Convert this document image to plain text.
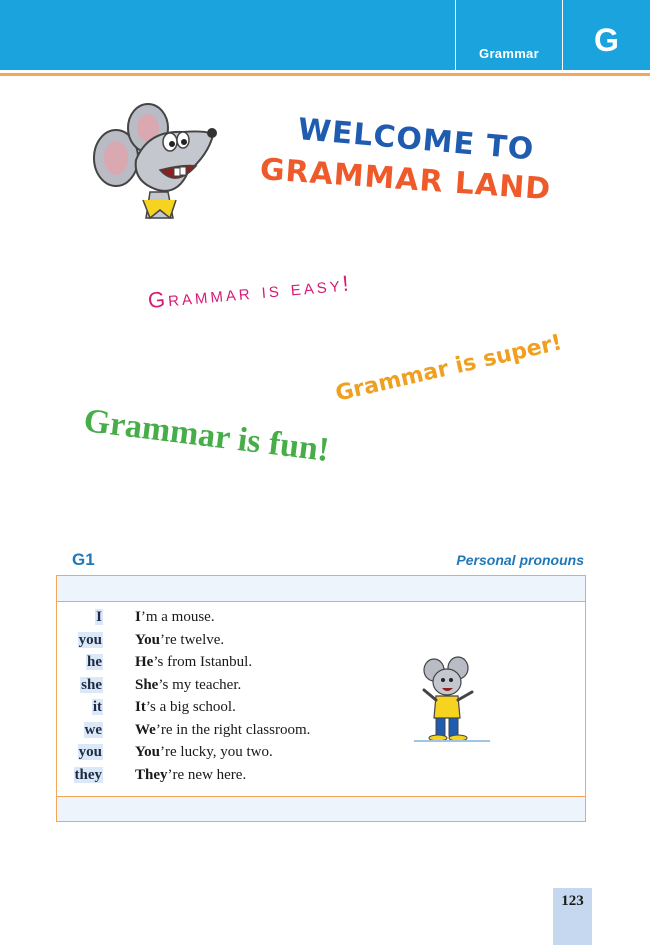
Grammar	G
WELCOME TO
GRAMMAR LAND
Grammar is easy!
Grammar is super!
Grammar is fun!
G1	Personal pronouns
I I’m a mouse.
you You’re twelve.
he He’s from Istanbul.
she She’s my teacher.
it It’s a big school.
we We’re in the right classroom.
you You’re lucky, you two.
they They’re new here.
123
